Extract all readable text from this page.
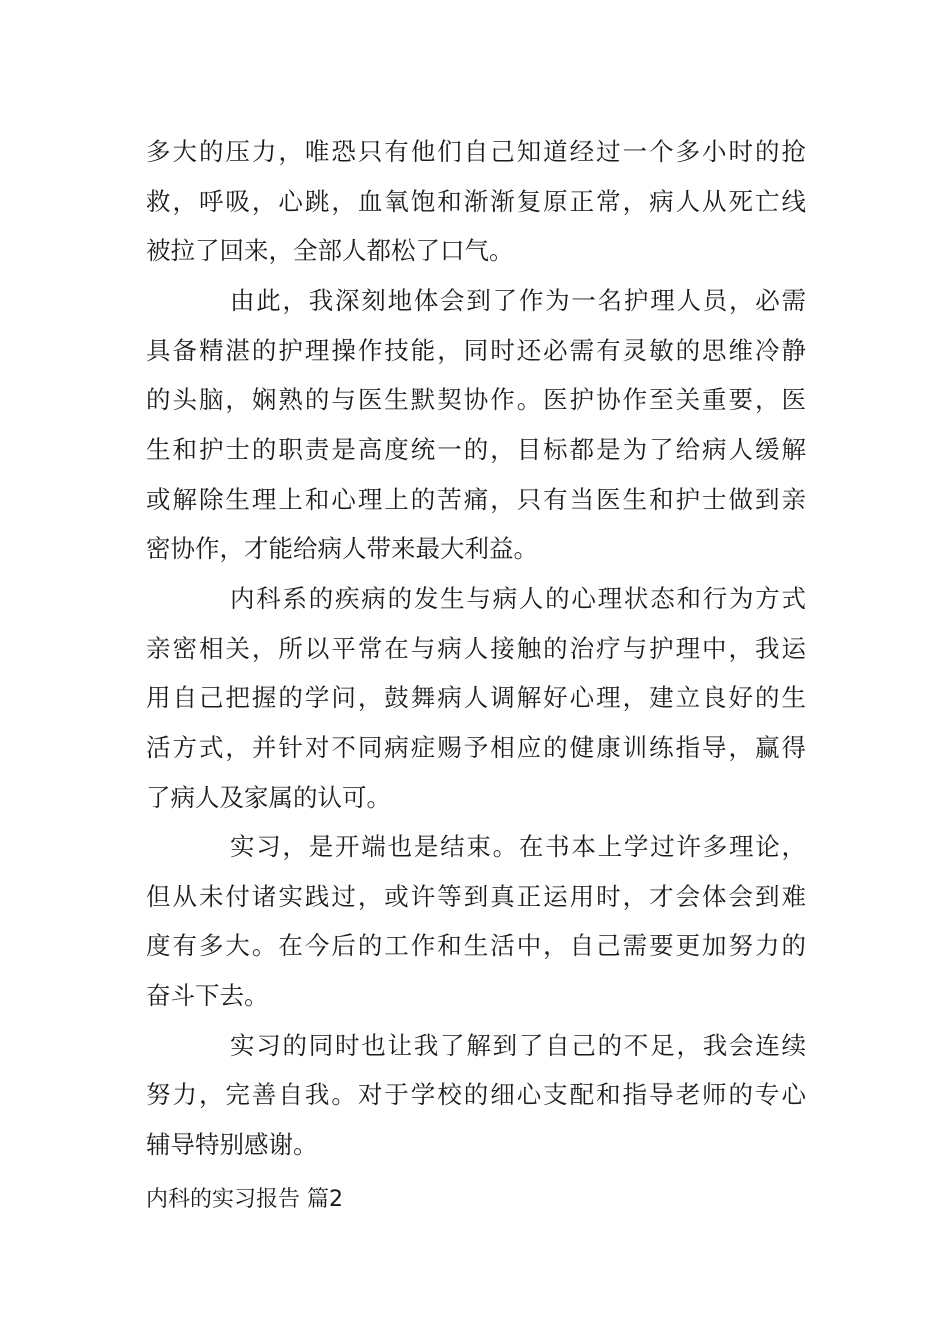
多大的压力，唯恐只有他们自己知道经过一个多小时的抢
救，呼吸，心跳，血氧饱和渐渐复原正常，病人从死亡线
被拉了回来，全部人都松了口气。
由此，我深刻地体会到了作为一名护理人员，必需
具备精湛的护理操作技能，同时还必需有灵敏的思维冷静
的头脑，娴熟的与医生默契协作。医护协作至关重要，医
生和护士的职责是高度统一的，目标都是为了给病人缓解
或解除生理上和心理上的苦痛，只有当医生和护士做到亲
密协作，才能给病人带来最大利益。
内科系的疾病的发生与病人的心理状态和行为方式
亲密相关，所以平常在与病人接触的治疗与护理中，我运
用自己把握的学问，鼓舞病人调解好心理，建立良好的生
活方式，并针对不同病症赐予相应的健康训练指导，赢得
了病人及家属的认可。
实习，是开端也是结束。在书本上学过许多理论，
但从未付诸实践过，或许等到真正运用时，才会体会到难
度有多大。在今后的工作和生活中，自己需要更加努力的
奋斗下去。
实习的同时也让我了解到了自己的不足，我会连续
努力，完善自我。对于学校的细心支配和指导老师的专心
辅导特别感谢。
内科的实习报告 篇2
